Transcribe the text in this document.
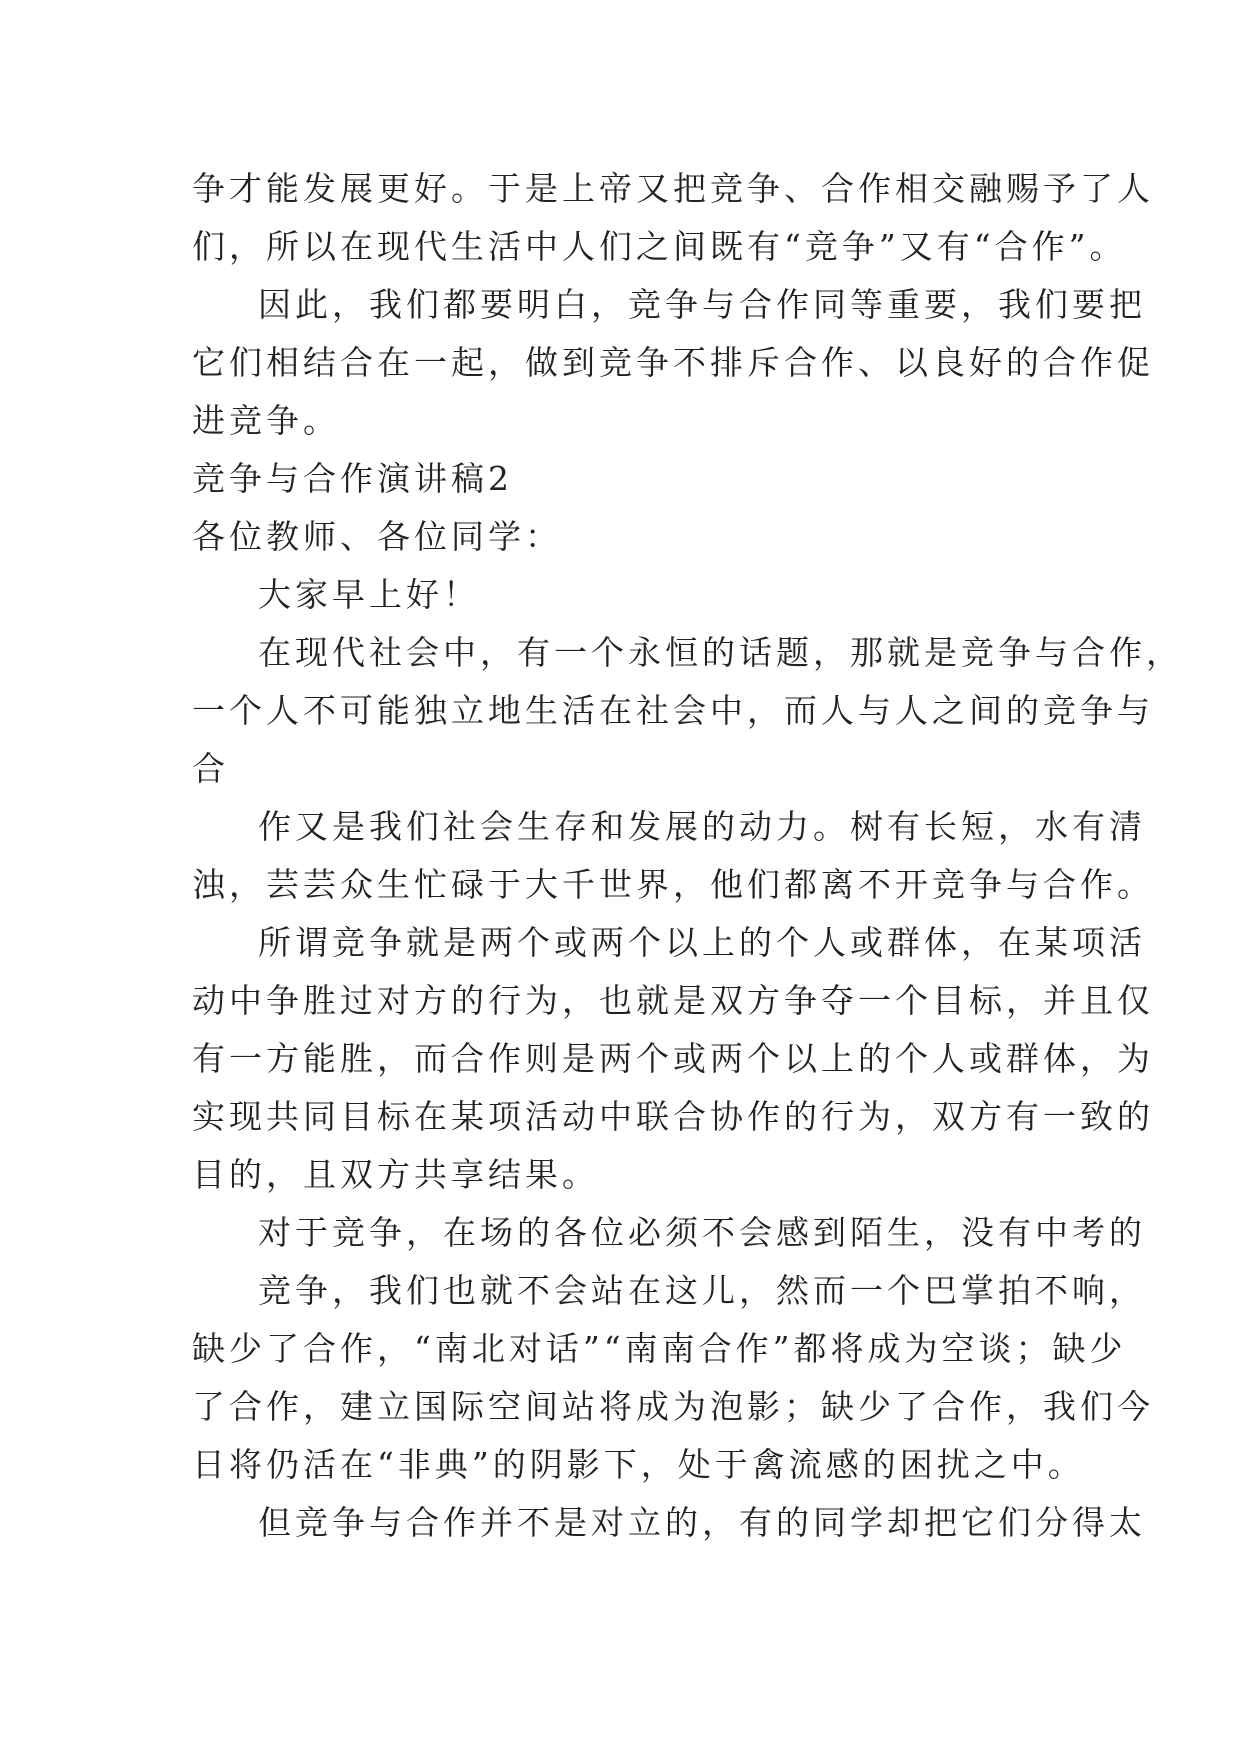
争才能发展更好。于是上帝又把竞争、合作相交融赐予了人
们，所以在现代生活中人们之间既有“竞争”又有“合作”。
因此，我们都要明白，竞争与合作同等重要，我们要把
它们相结合在一起，做到竞争不排斥合作、以良好的合作促
进竞争。
竞争与合作演讲稿2
各位教师、各位同学：
大家早上好！
在现代社会中，有一个永恒的话题，那就是竞争与合作，
一个人不可能独立地生活在社会中，而人与人之间的竞争与
合
作又是我们社会生存和发展的动力。树有长短，水有清
浊，芸芸众生忙碌于大千世界，他们都离不开竞争与合作。
所谓竞争就是两个或两个以上的个人或群体，在某项活
动中争胜过对方的行为，也就是双方争夺一个目标，并且仅
有一方能胜，而合作则是两个或两个以上的个人或群体，为
实现共同目标在某项活动中联合协作的行为，双方有一致的
目的，且双方共享结果。
对于竞争，在场的各位必须不会感到陌生，没有中考的
竞争，我们也就不会站在这儿，然而一个巴掌拍不响，
缺少了合作，“南北对话”“南南合作”都将成为空谈；缺少
了合作，建立国际空间站将成为泡影；缺少了合作，我们今
日将仍活在“非典”的阴影下，处于禽流感的困扰之中。
但竞争与合作并不是对立的，有的同学却把它们分得太
